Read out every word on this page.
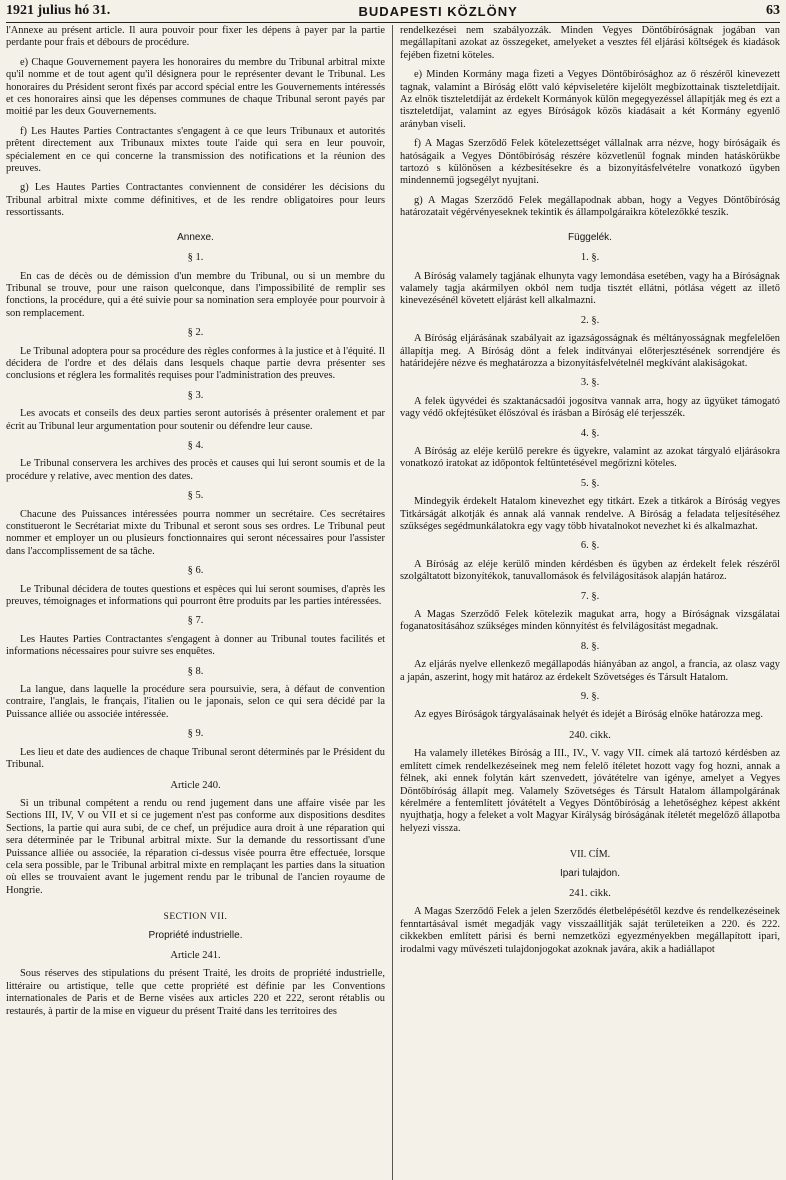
1921 julius hó 31.	BUDAPESTI KÖZLÖNY	63

l'Annexe au présent article. Il aura pouvoir pour fixer les dépens à payer par la partie perdante pour frais et débours de procédure.

e) Chaque Gouvernement payera les honoraires du membre du Tribunal arbitral mixte qu'il nomme et de tout agent qu'il désignera pour le représenter devant le Tribunal. Les honoraires du Président seront fixés par accord spécial entre les Gouvernements intéressés et ces honoraires ainsi que les dépenses communes de chaque Tribunal seront payés par moitié par les deux Gouvernements.

f) Les Hautes Parties Contractantes s'engagent à ce que leurs Tribunaux et autorités prêtent directement aux Tribunaux mixtes toute l'aide qui sera en leur pouvoir, spécialement en ce qui concerne la transmission des notifications et la réunion des preuves.

g) Les Hautes Parties Contractantes conviennent de considérer les décisions du Tribunal arbitral mixte comme définitives, et de les rendre obligatoires pour leurs ressortissants.

Annexe.
§ 1.

En cas de décès ou de démission d'un membre du Tribunal, ou si un membre du Tribunal se trouve, pour une raison quelconque, dans l'impossibilité de remplir ses fonctions, la procédure, qui a été suivie pour sa nomination sera employée pour pourvoir à son remplacement.

§ 2.

Le Tribunal adoptera pour sa procédure des règles conformes à la justice et à l'équité. Il décidera de l'ordre et des délais dans lesquels chaque partie devra présenter ses conclusions et réglera les formalités requises pour l'administration des preuves.

§ 3.

Les avocats et conseils des deux parties seront autorisés à présenter oralement et par écrit au Tribunal leur argumentation pour soutenir ou défendre leur cause.

§ 4.

Le Tribunal conservera les archives des procès et causes qui lui seront soumis et de la procédure y relative, avec mention des dates.

§ 5.

Chacune des Puissances intéressées pourra nommer un secrétaire. Ces secrétaires constitueront le Secrétariat mixte du Tribunal et seront sous ses ordres. Le Tribunal peut nommer et employer un ou plusieurs fonctionnaires qui seront nécessaires pour l'assister dans l'accomplissement de sa tâche.

§ 6.

Le Tribunal décidera de toutes questions et espèces qui lui seront soumises, d'après les preuves, témoignages et informations qui pourront être produits par les parties intéressées.

§ 7.

Les Hautes Parties Contractantes s'engagent à donner au Tribunal toutes facilités et informations nécessaires pour suivre ses enquêtes.

§ 8.

La langue, dans laquelle la procédure sera poursuivie, sera, à défaut de convention contraire, l'anglais, le français, l'italien ou le japonais, selon ce qui sera décidé par la Puissance alliée ou associée intéressée.

§ 9.

Les lieu et date des audiences de chaque Tribunal seront déterminés par le Président du Tribunal.

Article 240.

Si un tribunal compétent a rendu ou rend jugement dans une affaire visée par les Sections III, IV, V ou VII et si ce jugement n'est pas conforme aux dispositions desdites Sections, la partie qui aura subi, de ce chef, un préjudice aura droit à une réparation qui sera déterminée par le Tribunal arbitral mixte. Sur la demande du ressortissant d'une Puissance alliée ou associée, la réparation ci-dessus visée pourra être effectuée, lorsque cela sera possible, par le Tribunal arbitral mixte en remplaçant les parties dans la situation où elles se trouvaient avant le jugement rendu par le tribunal de l'ancien royaume de Hongrie.

SECTION VII.
Propriété industrielle.
Article 241.

Sous réserves des stipulations du présent Traité, les droits de propriété industrielle, littéraire ou artistique, telle que cette propriété est définie par les Conventions internationales de Paris et de Berne visées aux articles 220 et 222, seront rétablis ou restaurés, à partir de la mise en vigueur du présent Traité dans les territoires des

rendelkezései nem szabályozzák. Minden Vegyes Döntőbíróságnak jogában van megállapítani azokat az összegeket, amelyeket a vesztes fél eljárási költségek és kiadások fejében fizetni köteles.

e) Minden Kormány maga fizeti a Vegyes Döntőbírósághoz az ő részéről kinevezett tagnak, valamint a Bíróság előtt való képviseletére kijelölt megbízottainak tiszteletdíjait. Az elnök tiszteletdíját az érdekelt Kormányok külön megegyezéssel állapítják meg és ezt a tiszteletdíjat, valamint az egyes Bíróságok közös kiadásait a két Kormány egyenlő arányban viseli.

f) A Magas Szerződő Felek kötelezettséget vállalnak arra nézve, hogy bíróságaik és hatóságaik a Vegyes Döntőbíróság részére közvetlenül fognak minden hatáskörükbe tartozó s különösen a kézbesítésekre és a bizonyításfelvételre vonatkozó ügyben mindennemű jogsegélyt nyujtani.

g) A Magas Szerződő Felek megállapodnak abban, hogy a Vegyes Döntőbíróság határozatait végérvényeseknek tekintik és állampolgáraikra kötelezőkké teszik.

Függelék.
1. §.

A Bíróság valamely tagjának elhunyta vagy lemondása esetében, vagy ha a Bíróságnak valamely tagja akármilyen okból nem tudja tisztét ellátni, pótlása végett az illető kinevezésénél követett eljárást kell alkalmazni.

2. §.

A Bíróság eljárásának szabályait az igazságosságnak és méltányosságnak megfelelően állapítja meg. A Bíróság dönt a felek indítványai előterjesztésének sorrendjére és határidejére nézve és meghatározza a bizonyításfelvételnél megkívánt alakiságokat.

3. §.

A felek ügyvédei és szaktanácsadói jogosítva vannak arra, hogy az ügyüket támogató vagy védő okfejtésüket élőszóval és írásban a Bíróság elé terjesszék.

4. §.

A Bíróság az eléje kerülő perekre és ügyekre, valamint az azokat tárgyaló eljárásokra vonatkozó iratokat az időpontok feltüntetésével megőrizni köteles.

5. §.

Mindegyik érdekelt Hatalom kinevezhet egy titkárt. Ezek a titkárok a Bíróság vegyes Titkárságát alkotják és annak alá vannak rendelve. A Bíróság a feladata teljesítéséhez szükséges segédmunkálatokra egy vagy több hivatalnokot nevezhet ki és alkalmazhat.

6. §.

A Bíróság az eléje kerülő minden kérdésben és ügyben az érdekelt felek részéről szolgáltatott bizonyítékok, tanuvallomások és felvilágosítások alapján határoz.

7. §.

A Magas Szerződő Felek kötelezik magukat arra, hogy a Bíróságnak vizsgálatai foganatosításához szükséges minden könnyítést és felvilágosítást megadnak.

8. §.

Az eljárás nyelve ellenkező megállapodás hiányában az angol, a francia, az olasz vagy a japán, aszerint, hogy mit határoz az érdekelt Szövetséges és Társult Hatalom.

9. §.

Az egyes Bíróságok tárgyalásainak helyét és idejét a Bíróság elnöke határozza meg.

240. cikk.

Ha valamely illetékes Bíróság a III., IV., V. vagy VII. címek alá tartozó kérdésben az említett címek rendelkezéseinek meg nem felelő ítéletet hozott vagy fog hozni, annak a félnek, aki ennek folytán kárt szenvedett, jóvátételre van igénye, amelyet a Vegyes Döntőbíróság állapít meg. Valamely Szövetséges és Társult Hatalom állampolgárának kérelmére a fentemlített jóvátételt a Vegyes Döntőbíróság a lehetőséghez képest akként nyujthatja, hogy a feleket a volt Magyar Királyság bíróságának ítéletét megelőző állapotba helyezi vissza.

VII. CÍM.
Ipari tulajdon.
241. cikk.

A Magas Szerződő Felek a jelen Szerződés életbelépésétől kezdve és rendelkezéseinek fenntartásával ismét megadják vagy visszaállítják saját területeiken a 220. és 222. cikkekben említett párisi és berni nemzetközi egyezményekben megállapított ipari, irodalmi vagy művészeti tulajdonjogokat azoknak javára, akik a hadiállapot
